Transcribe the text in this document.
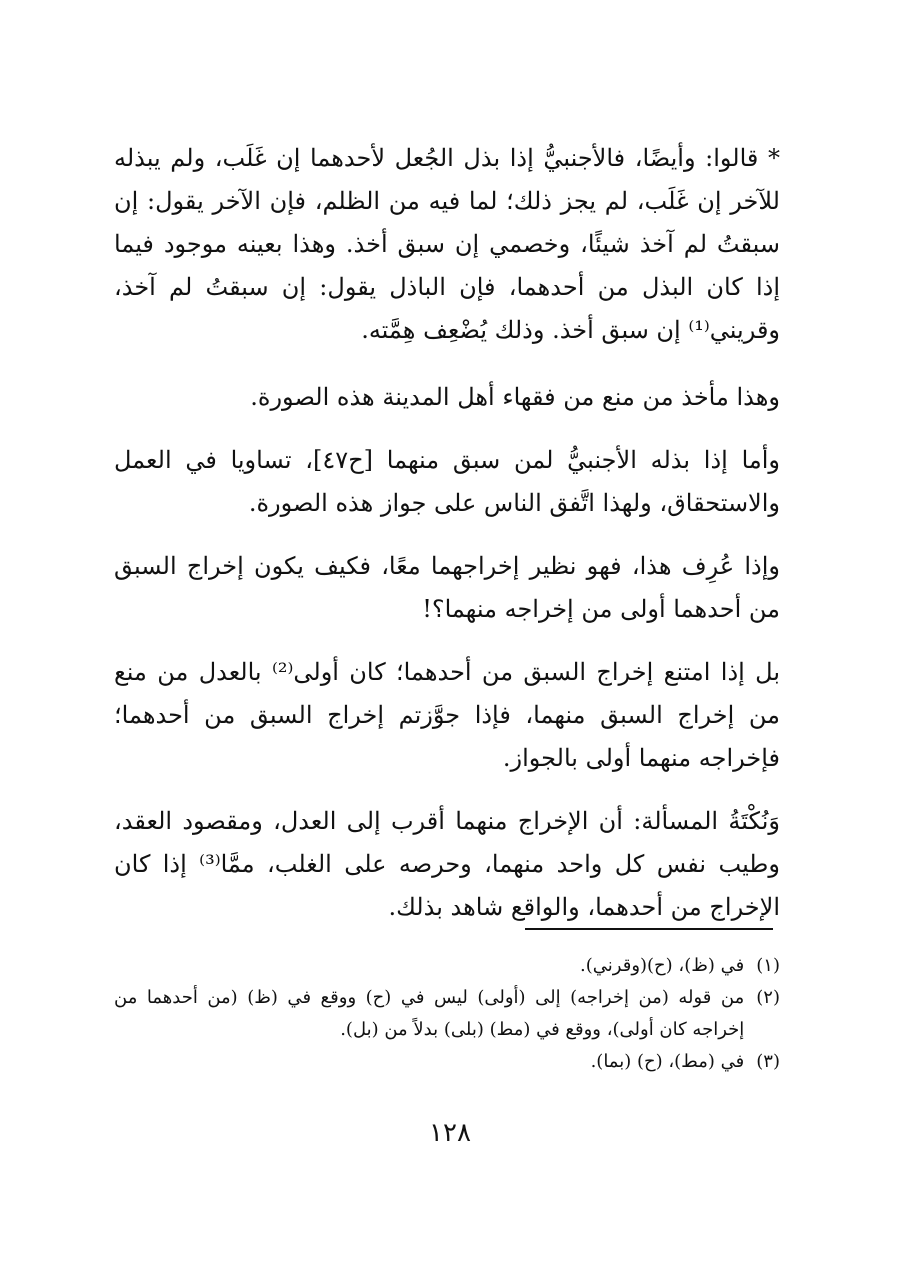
* قالوا: وأيضًا، فالأجنبيُّ إذا بذل الجُعل لأحدهما إن غَلَب، ولم يبذله للآخر إن غَلَب، لم يجز ذلك؛ لما فيه من الظلم، فإن الآخر يقول: إن سبقتُ لم آخذ شيئًا، وخصمي إن سبق أخذ. وهذا بعينه موجود فيما إذا كان البذل من أحدهما، فإن الباذل يقول: إن سبقتُ لم آخذ، وقريني⁽¹⁾ إن سبق أخذ. وذلك يُضْعِف هِمَّته.

وهذا مأخذ من منع من فقهاء أهل المدينة هذه الصورة.

وأما إذا بذله الأجنبيُّ لمن سبق منهما [ح٤٧]، تساويا في العمل والاستحقاق، ولهذا اتَّفق الناس على جواز هذه الصورة.

وإذا عُرِف هذا، فهو نظير إخراجهما معًا، فكيف يكون إخراج السبق من أحدهما أولى من إخراجه منهما؟!

بل إذا امتنع إخراج السبق من أحدهما؛ كان أولى⁽²⁾ بالعدل من منع من إخراج السبق منهما، فإذا جوَّزتم إخراج السبق من أحدهما؛ فإخراجه منهما أولى بالجواز.

وَنُكْتَةُ المسألة: أن الإخراج منهما أقرب إلى العدل، ومقصود العقد، وطيب نفس كل واحد منهما، وحرصه على الغلب، ممَّا⁽³⁾ إذا كان الإخراج من أحدهما، والواقع شاهد بذلك.

(١)
في (ظ)، (ح)(وقرني).
(٢)
من قوله (من إخراجه) إلى (أولى) ليس في (ح) ووقع في (ظ) (من أحدهما من إخراجه كان أولى)، ووقع في (مط) (بلى) بدلاً من (بل).
(٣)
في (مط)، (ح) (بما).
١٢٨
